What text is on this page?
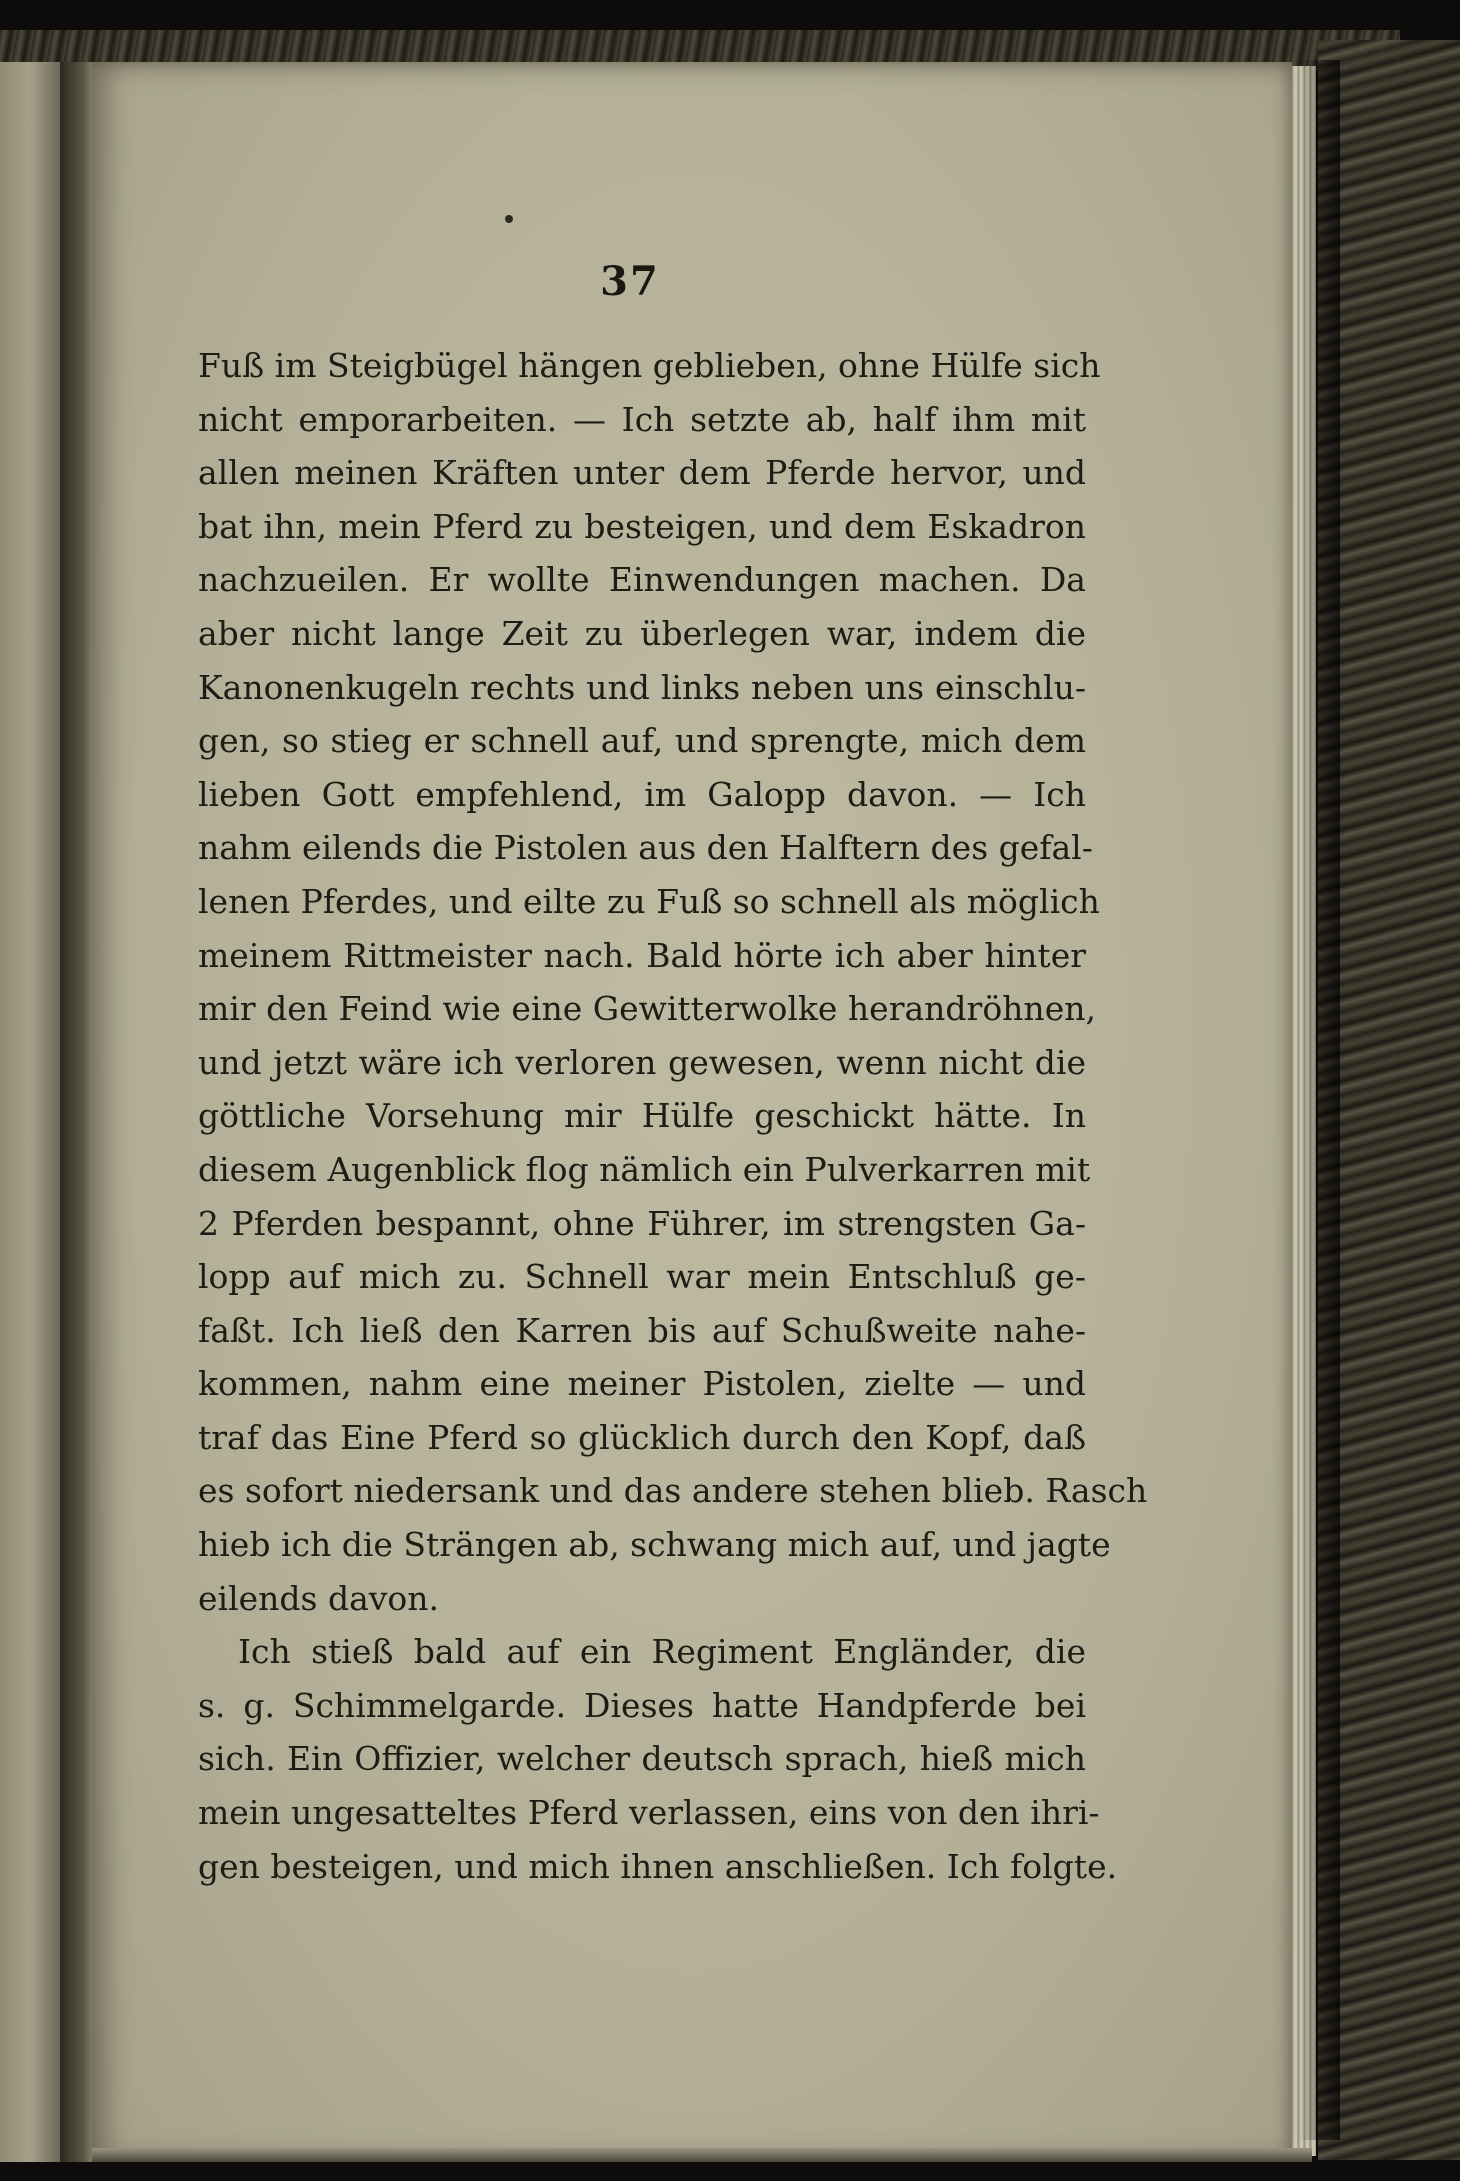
37
Fuß im Steigbügel hängen geblieben, ohne Hülfe sich
nicht emporarbeiten. — Ich setzte ab, half ihm mit
allen meinen Kräften unter dem Pferde hervor, und
bat ihn, mein Pferd zu besteigen, und dem Eskadron
nachzueilen. Er wollte Einwendungen machen. Da
aber nicht lange Zeit zu überlegen war, indem die
Kanonenkugeln rechts und links neben uns einschlu-
gen, so stieg er schnell auf, und sprengte, mich dem
lieben Gott empfehlend, im Galopp davon. — Ich
nahm eilends die Pistolen aus den Halftern des gefal-
lenen Pferdes, und eilte zu Fuß so schnell als möglich
meinem Rittmeister nach. Bald hörte ich aber hinter
mir den Feind wie eine Gewitterwolke herandröhnen,
und jetzt wäre ich verloren gewesen, wenn nicht die
göttliche Vorsehung mir Hülfe geschickt hätte. In
diesem Augenblick flog nämlich ein Pulverkarren mit
2 Pferden bespannt, ohne Führer, im strengsten Ga-
lopp auf mich zu. Schnell war mein Entschluß ge-
faßt. Ich ließ den Karren bis auf Schußweite nahe-
kommen, nahm eine meiner Pistolen, zielte — und
traf das Eine Pferd so glücklich durch den Kopf, daß
es sofort niedersank und das andere stehen blieb. Rasch
hieb ich die Strängen ab, schwang mich auf, und jagte
eilends davon.
Ich stieß bald auf ein Regiment Engländer, die
s. g. Schimmelgarde. Dieses hatte Handpferde bei
sich. Ein Offizier, welcher deutsch sprach, hieß mich
mein ungesatteltes Pferd verlassen, eins von den ihri-
gen besteigen, und mich ihnen anschließen. Ich folgte.
